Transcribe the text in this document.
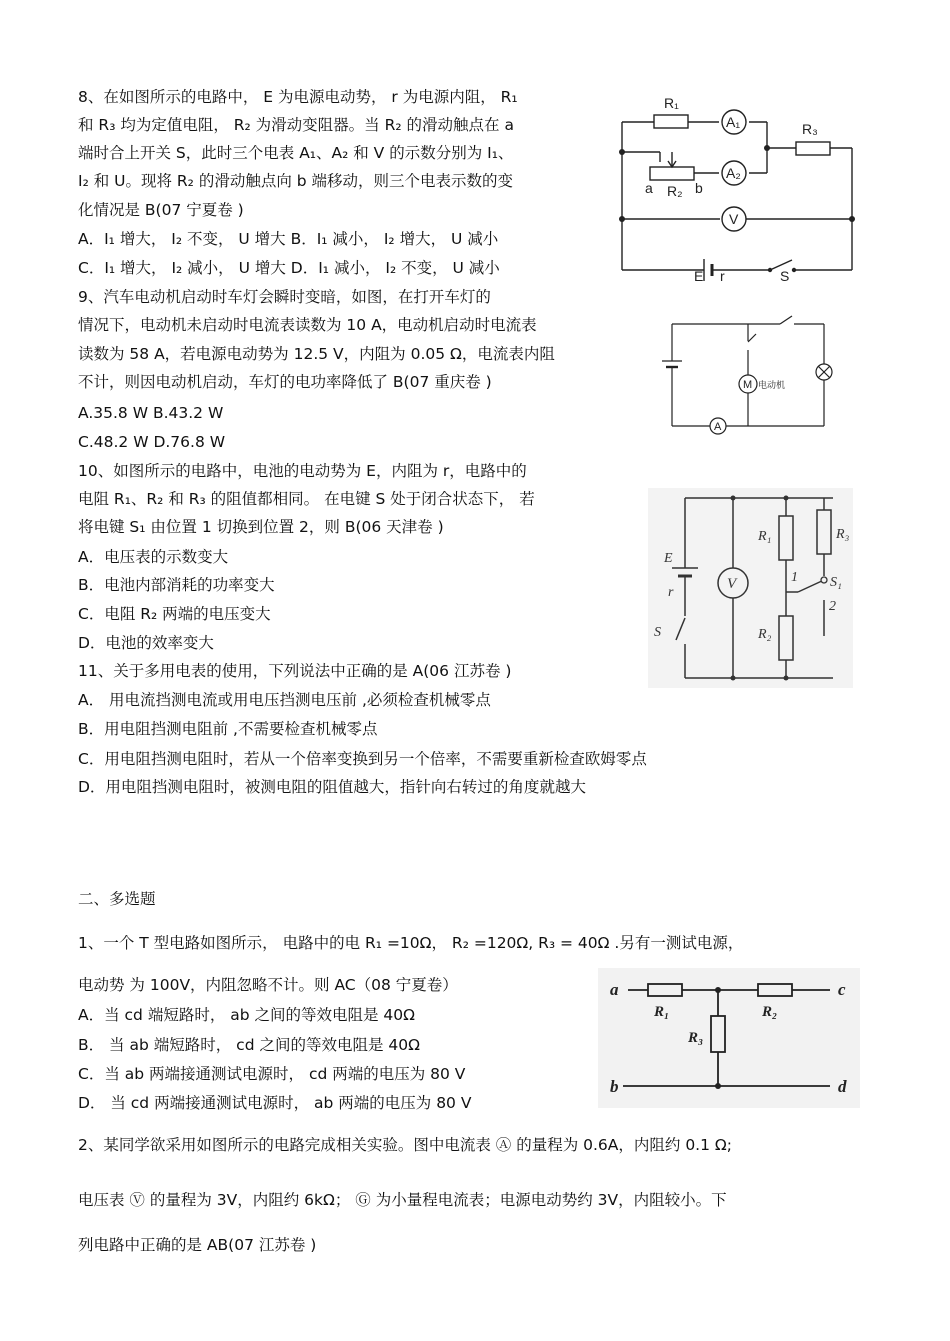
8、在如图所示的电路中， E 为电源电动势， r 为电源内阻， R₁
和 R₃ 均为定值电阻， R₂ 为滑动变阻器。当 R₂ 的滑动触点在 a
端时合上开关 S，此时三个电表 A₁、A₂ 和 V 的示数分别为 I₁、
I₂ 和 U。现将 R₂ 的滑动触点向 b 端移动，则三个电表示数的变
化情况是 B(07 宁夏卷 )
A．I₁ 增大， I₂ 不变， U 增大 B．I₁ 减小， I₂ 增大， U 减小
C．I₁ 增大， I₂ 减小， U 增大 D．I₁ 减小， I₂ 不变， U 减小
R₁
A₁	R₃
A₂
a R₂ b
V
E r	S
9、汽车电动机启动时车灯会瞬时变暗，如图，在打开车灯的
情况下，电动机未启动时电流表读数为 10 A，电动机启动时电流表
读数为 58 A，若电源电动势为 12.5 V，内阻为 0.05 Ω，电流表内阻
不计，则因电动机启动，车灯的电功率降低了 B(07 重庆卷 )
A.35.8 W B.43.2 W
C.48.2 W D.76.8 W
A
M 电动机
10、如图所示的电路中，电池的电动势为 E，内阻为 r，电路中的
电阻 R₁、R₂ 和 R₃ 的阻值都相同。 在电键 S 处于闭合状态下， 若
将电键 S₁ 由位置 1 切换到位置 2，则 B(06 天津卷 )
A．电压表的示数变大
B．电池内部消耗的功率变大
C．电阻 R₂ 两端的电压变大
D．电池的效率变大
E
r
V
S
R₁	R₃
R₂
S₁
1
2
11、关于多用电表的使用，下列说法中正确的是 A(06 江苏卷 )
A． 用电流挡测电流或用电压挡测电压前 ,必须检查机械零点
B．用电阻挡测电阻前 ,不需要检查机械零点
C．用电阻挡测电阻时，若从一个倍率变换到另一个倍率，不需要重新检查欧姆零点
D．用电阻挡测电阻时，被测电阻的阻值越大，指针向右转过的角度就越大
二、多选题
1、一个 T 型电路如图所示， 电路中的电 R₁ =10Ω， R₂ =120Ω, R₃ = 40Ω .另有一测试电源，
电动势 为 100V，内阻忽略不计。则 AC（08 宁夏卷）
A．当 cd 端短路时， ab 之间的等效电阻是 40Ω
B． 当 ab 端短路时， cd 之间的等效电阻是 40Ω
C．当 ab 两端接通测试电源时， cd 两端的电压为 80 V
D． 当 cd 两端接通测试电源时， ab 两端的电压为 80 V
a	c
b	d
R₁	R₂
R₃
2、某同学欲采用如图所示的电路完成相关实验。图中电流表 Ⓐ 的量程为 0.6A，内阻约 0.1 Ω;
电压表 Ⓥ 的量程为 3V，内阻约 6kΩ； Ⓖ 为小量程电流表；电源电动势约 3V，内阻较小。下
列电路中正确的是 AB(07 江苏卷 )
